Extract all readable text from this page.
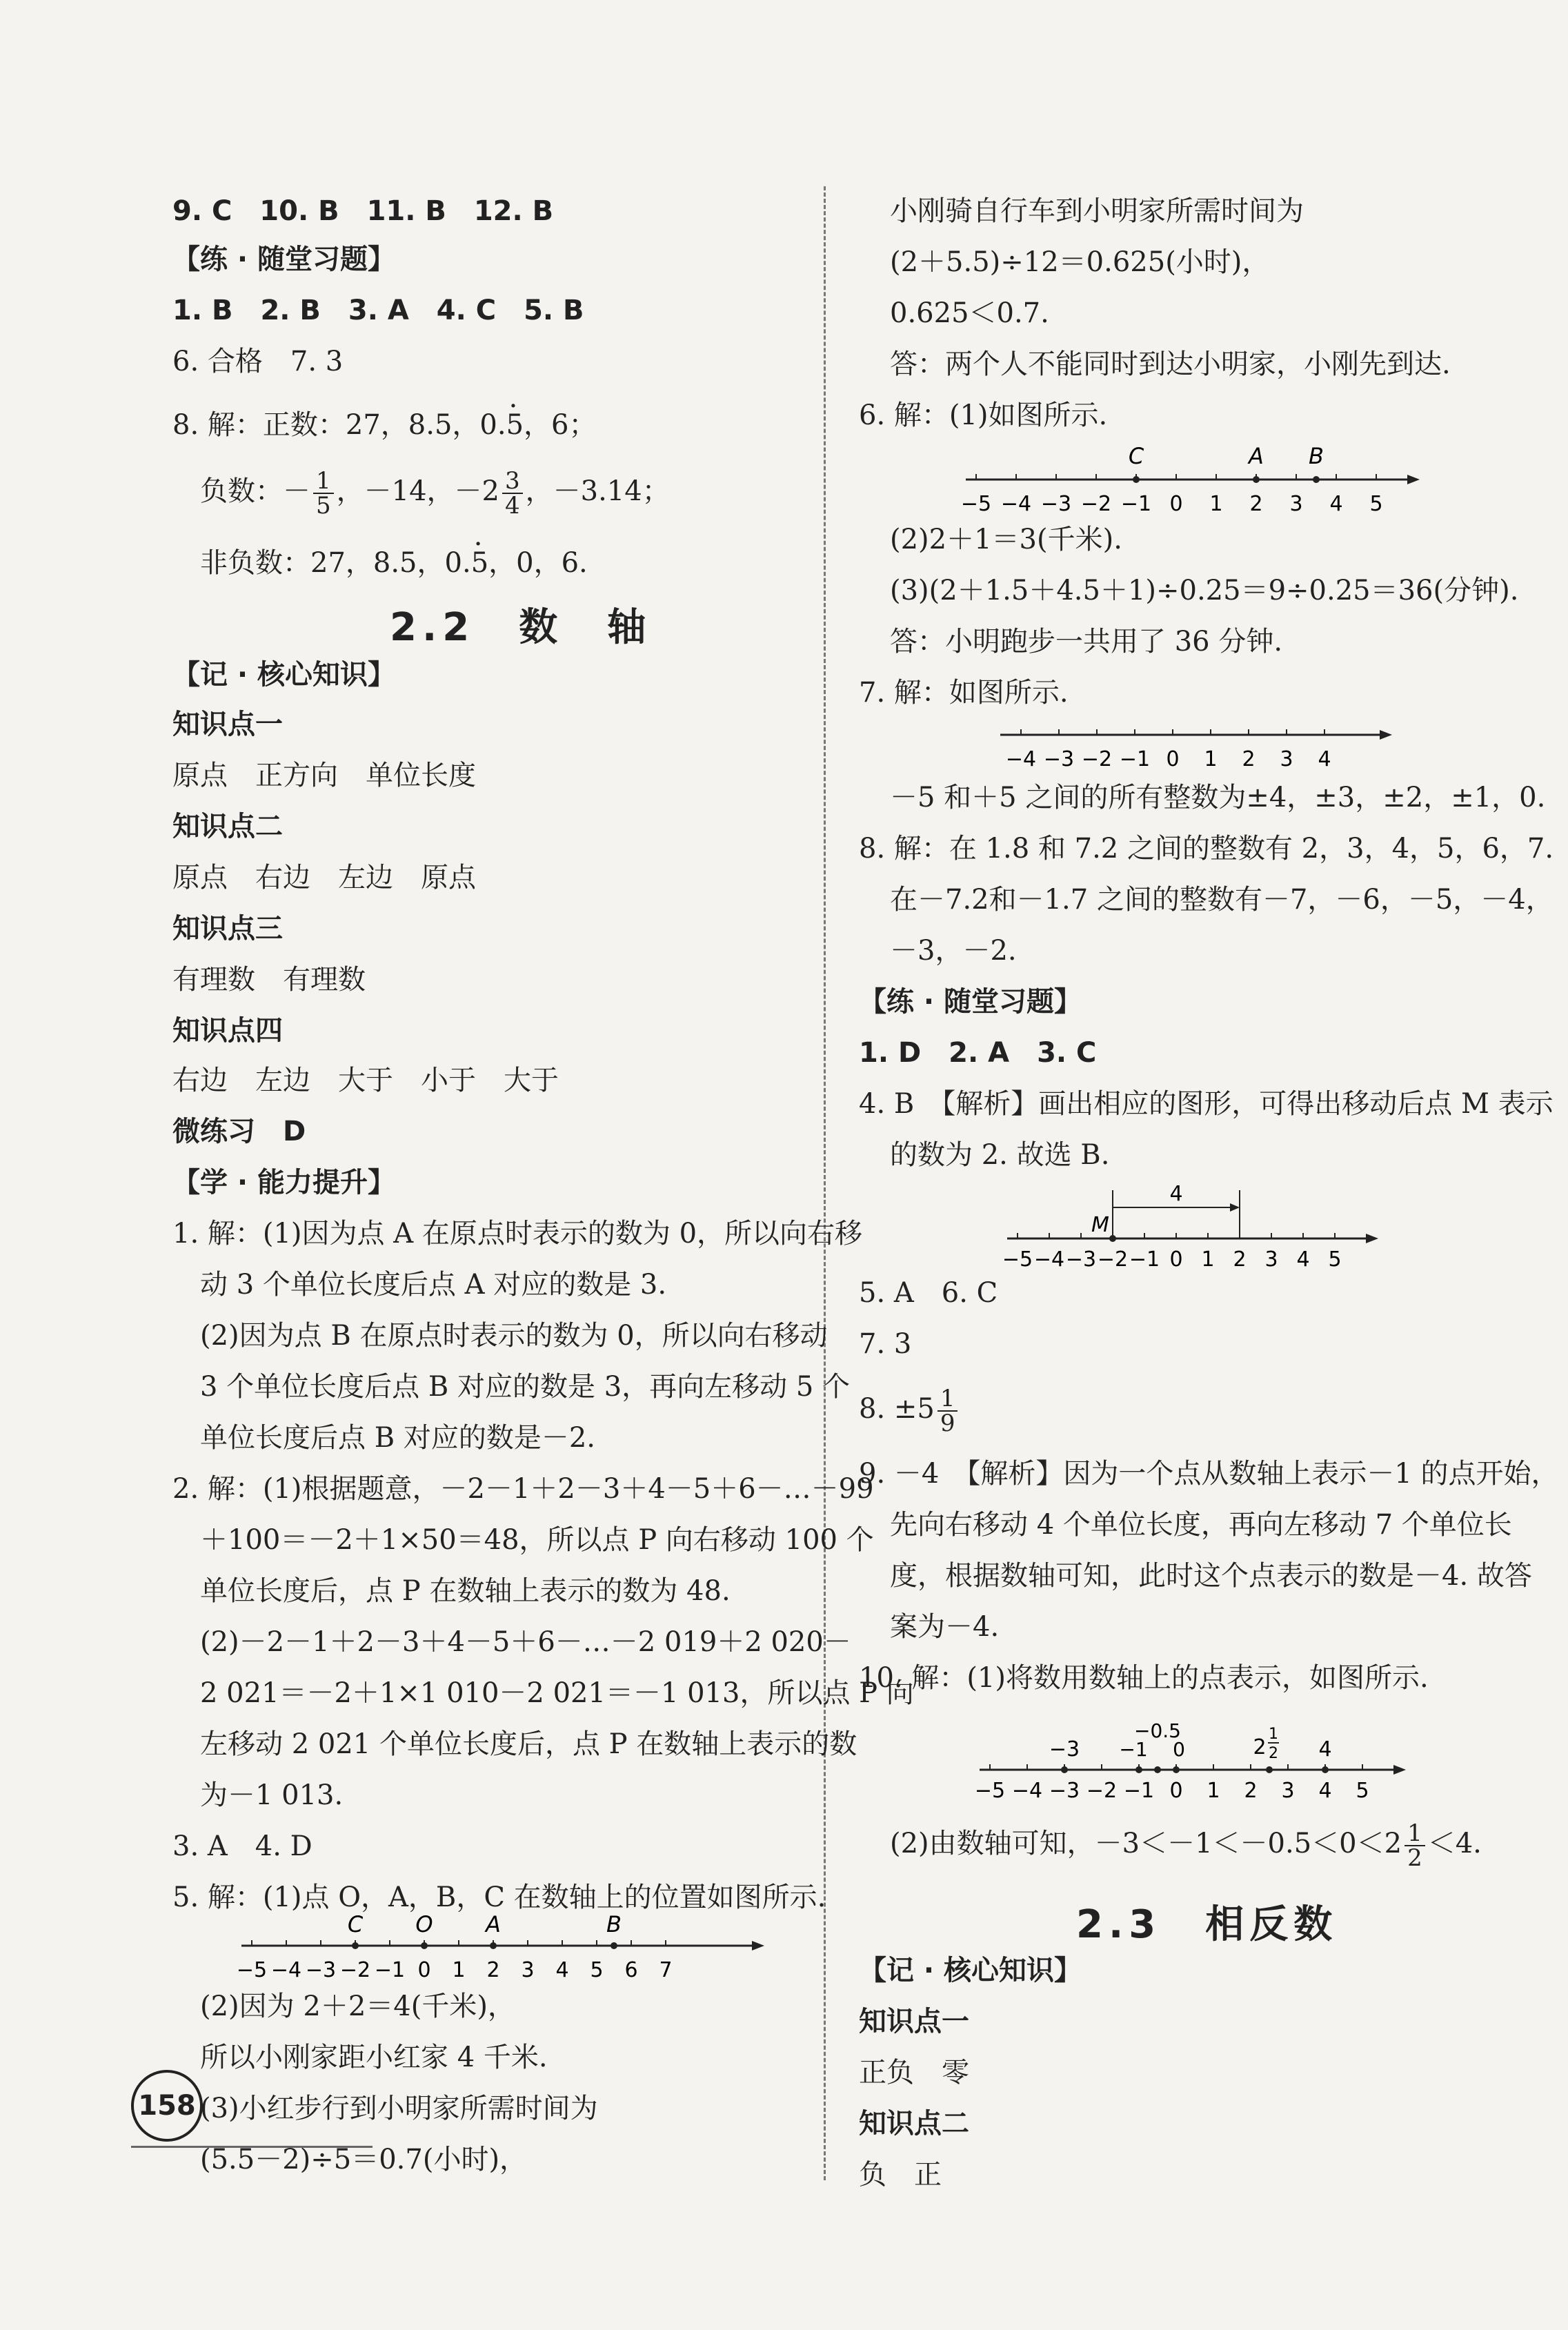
9. C　10. B　11. B　12. B
【练 · 随堂习题】
1. B　2. B　3. A　4. C　5. B
6. 合格　7. 3
8. 解：正数：27，8.5，0.· 5，6；
负数：－ $\frac{1}{5}$ ，－14，$-2 \frac{3}{4}$ ，－3.14；
非负数：27，8.5，0.· 5，0，6.
2.2　数　轴
【记 · 核心知识】
知识点一
原点　正方向　单位长度
知识点二
原点　右边　左边　原点
知识点三
有理数　有理数
知识点四
右边　左边　大于　小于　大于
微练习　D
【学 · 能力提升】
1. 解：(1)因为点 A 在原点时表示的数为 0，所以向右移
动 3 个单位长度后点 A 对应的数是 3.
(2)因为点 B 在原点时表示的数为 0，所以向右移动
3 个单位长度后点 B 对应的数是 3，再向左移动 5 个
单位长度后点 B 对应的数是－2.
2. 解：(1)根据题意，－2－1＋2－3＋4－5＋6－…－99
＋100＝－2＋1×50＝48，所以点 P 向右移动 100 个
单位长度后，点 P 在数轴上表示的数为 48.
(2)－2－1＋2－3＋4－5＋6－…－2 019＋2 020－
2 021＝－2＋1×1 010－2 021＝－1 013，所以点 P 向
左移动 2 021 个单位长度后，点 P 在数轴上表示的数
为－1 013.
3. A　4. D
5. 解：(1)点 O，A，B，C 在数轴上的位置如图所示.
−5 −4 −3 −2 −1 0 1 2 3 4 5 6 7
C O A	B
(2)因为 2＋2＝4(千米)，
所以小刚家距小红家 4 千米.
(3)小红步行到小明家所需时间为
(5.5－2)÷5＝0.7(小时)，
158
小刚骑自行车到小明家所需时间为
(2＋5.5)÷12＝0.625(小时)，
0.625＜0.7.
答：两个人不能同时到达小明家，小刚先到达.
6. 解：(1)如图所示.
−5 −4 −3 −2 −1 0 1 2 3 4 5
C	A B
(2)2＋1＝3(千米).
(3)(2＋1.5＋4.5＋1)÷0.25＝9÷0.25＝36(分钟).
答：小明跑步一共用了 36 分钟.
7. 解：如图所示.
−4 −3 −2 −1 0 1 2 3 4
－5 和＋5 之间的所有整数为±4，±3，±2，±1，0.
8. 解：在 1.8 和 7.2 之间的整数有 2，3，4，5，6，7.
在－7.2和－1.7 之间的整数有－7，－6，－5，－4，
－3，－2.
【练 · 随堂习题】
1. D　2. A　3. C
4. B　【解析】画出相应的图形，可得出移动后点 M 表示
的数为 2. 故选 B.
−5 −4 −3 −2 −1 0 1 2 3 4 5
M
4
5. A　6. C
7. 3
8. $\pm 5 \frac{1}{9}$
9. －4　【解析】因为一个点从数轴上表示－1 的点开始，
先向右移动 4 个单位长度，再向左移动 7 个单位长
度，根据数轴可知，此时这个点表示的数是－4. 故答
案为－4.
10. 解：(1)将数用数轴上的点表示，如图所示.
−5 −4 −3 −2 −1 0 1 2 3 4 5
−3 −1
−0.5
0	2
1
2 4
(2)由数轴可知，$-3<-1<-0.5<0<2 \frac{1}{2} <4$.
2.3　相反数
【记 · 核心知识】
知识点一
正负　零
知识点二
负　正
